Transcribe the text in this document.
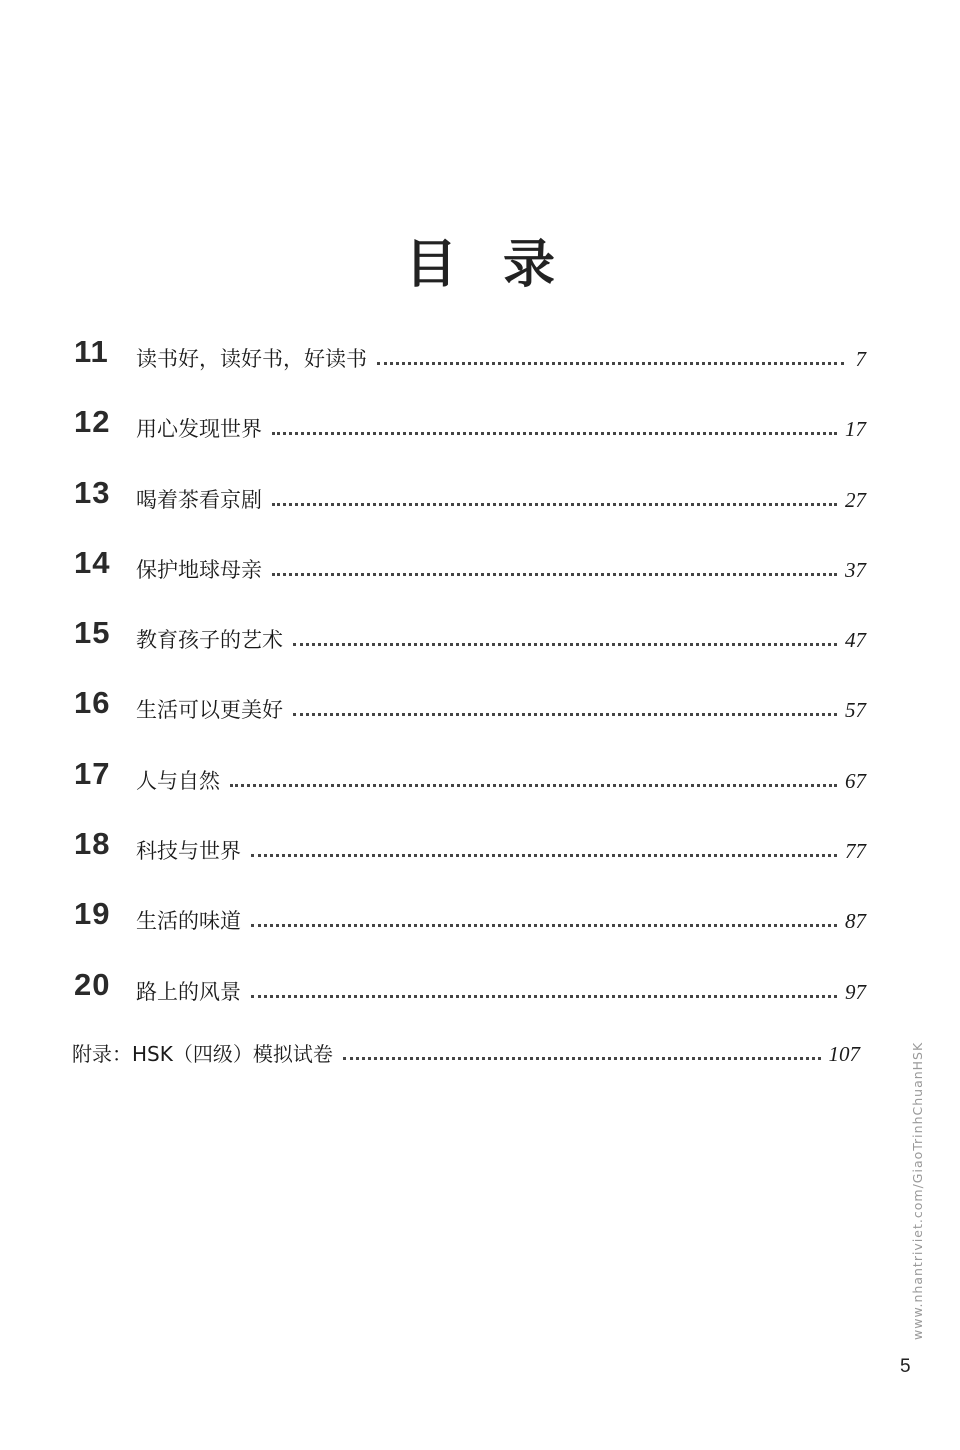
目录
11	读书好，读好书，好读书	7
12	用心发现世界	17
13	喝着茶看京剧	27
14	保护地球母亲	37
15	教育孩子的艺术	47
16	生活可以更美好	57
17	人与自然	67
18	科技与世界	77
19	生活的味道	87
20	路上的风景	97
附录：HSK（四级）模拟试卷	107	www.nhantriviet.com/GiaoTrinhChuanHSK
5
